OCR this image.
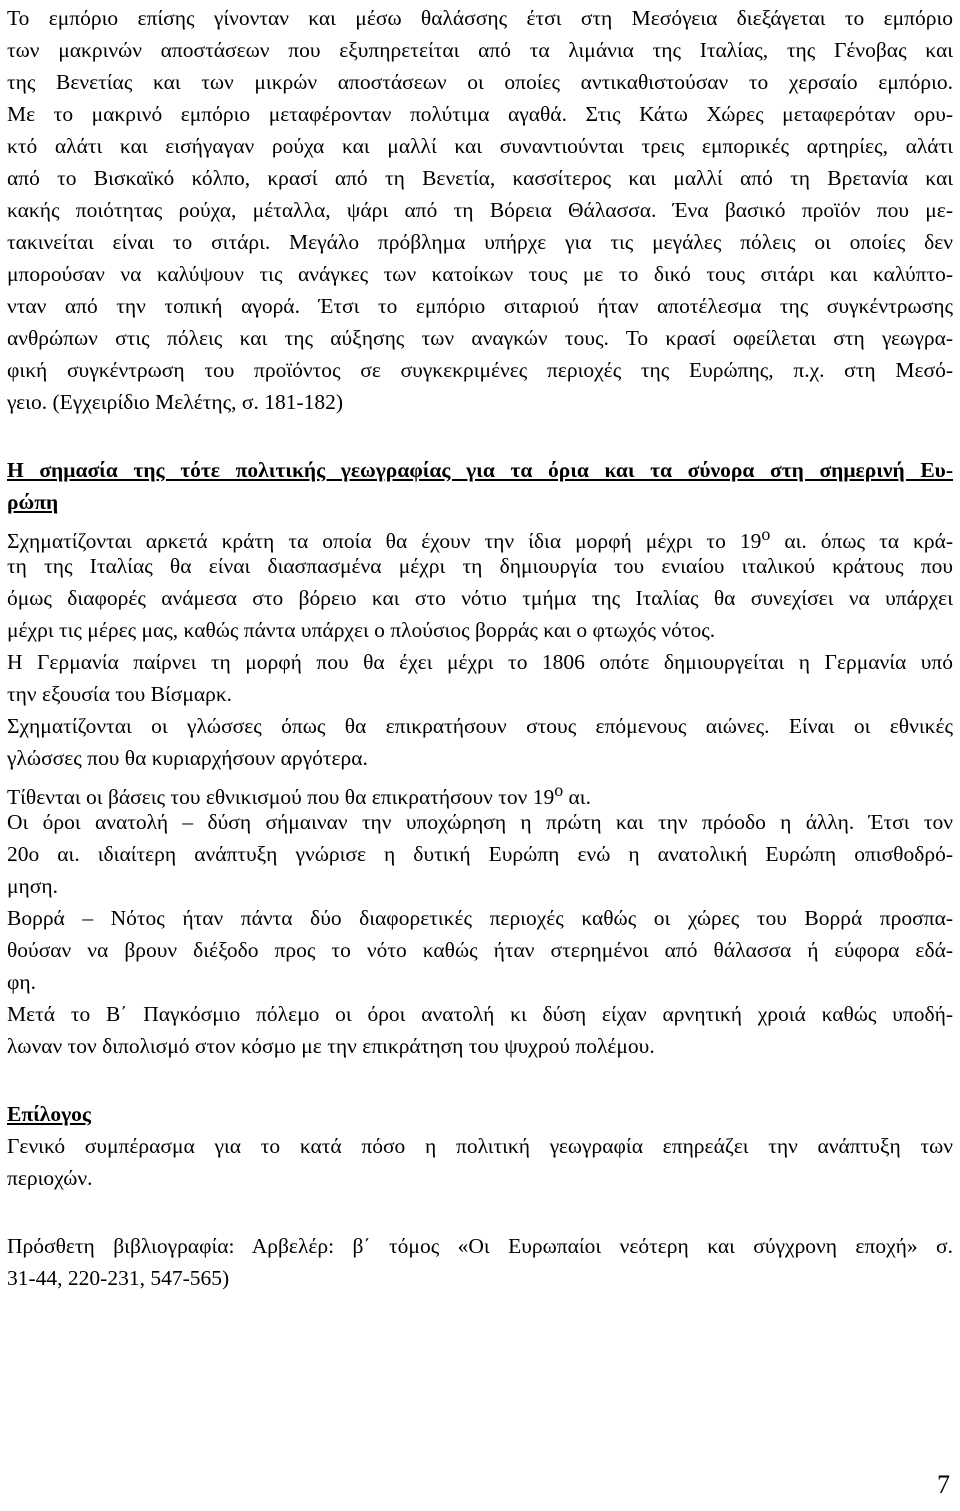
Το εμπόριο επίσης γίνονταν και μέσω θαλάσσης έτσι στη Μεσόγεια διεξάγεται το εμπόριο
των μακρινών αποστάσεων που εξυπηρετείται από τα λιμάνια της Ιταλίας, της Γένοβας και
της Βενετίας και των μικρών αποστάσεων οι οποίες αντικαθιστούσαν το χερσαίο εμπόριο.
Με το μακρινό εμπόριο μεταφέρονταν πολύτιμα αγαθά. Στις Κάτω Χώρες μεταφερόταν ορυ-
κτό αλάτι και εισήγαγαν ρούχα και μαλλί και συναντιούνται τρεις εμπορικές αρτηρίες, αλάτι
από το Βισκαϊκό κόλπο, κρασί από τη Βενετία, κασσίτερος και μαλλί από τη Βρετανία και
κακής ποιότητας ρούχα, μέταλλα, ψάρι από τη Βόρεια Θάλασσα. Ένα βασικό προϊόν που με-
τακινείται είναι το σιτάρι. Μεγάλο πρόβλημα υπήρχε για τις μεγάλες πόλεις οι οποίες δεν
μπορούσαν να καλύψουν τις ανάγκες των κατοίκων τους με το δικό τους σιτάρι και καλύπτο-
νταν από την τοπική αγορά. Έτσι το εμπόριο σιταριού ήταν αποτέλεσμα της συγκέντρωσης
ανθρώπων στις πόλεις και της αύξησης των αναγκών τους. Το κρασί οφείλεται στη γεωγρα-
φική συγκέντρωση του προϊόντος σε συγκεκριμένες περιοχές της Ευρώπης, π.χ. στη Μεσό-
γειο. (Εγχειρίδιο Μελέτης, σ. 181-182)
Η σημασία της τότε πολιτικής γεωγραφίας για τα όρια και τα σύνορα στη σημερινή Ευ-
ρώπη
Σχηματίζονται αρκετά κράτη τα οποία θα έχουν την ίδια μορφή μέχρι το $19^o$ αι. όπως τα κρά-
τη της Ιταλίας θα είναι διασπασμένα μέχρι τη δημιουργία του ενιαίου ιταλικού κράτους που
όμως διαφορές ανάμεσα στο βόρειο και στο νότιο τμήμα της Ιταλίας θα συνεχίσει να υπάρχει
μέχρι τις μέρες μας, καθώς πάντα υπάρχει ο πλούσιος βορράς και ο φτωχός νότος.
Η Γερμανία παίρνει τη μορφή που θα έχει μέχρι το 1806 οπότε δημιουργείται η Γερμανία υπό
την εξουσία του Βίσμαρκ.
Σχηματίζονται οι γλώσσες όπως θα επικρατήσουν στους επόμενους αιώνες. Είναι οι εθνικές
γλώσσες που θα κυριαρχήσουν αργότερα.
Τίθενται οι βάσεις του εθνικισμού που θα επικρατήσουν τον $19^o$ αι.
Οι όροι ανατολή – δύση σήμαιναν την υποχώρηση η πρώτη και την πρόοδο η άλλη. Έτσι τον
20ο αι. ιδιαίτερη ανάπτυξη γνώρισε η δυτική Ευρώπη ενώ η ανατολική Ευρώπη οπισθοδρό-
μηση.
Βορρά – Νότος ήταν πάντα δύο διαφορετικές περιοχές καθώς οι χώρες του Βορρά προσπα-
θούσαν να βρουν διέξοδο προς το νότο καθώς ήταν στερημένοι από θάλασσα ή εύφορα εδά-
φη.
Μετά το Β΄ Παγκόσμιο πόλεμο οι όροι ανατολή κι δύση είχαν αρνητική χροιά καθώς υποδή-
λωναν τον διπολισμό στον κόσμο με την επικράτηση του ψυχρού πολέμου.
Επίλογος
Γενικό συμπέρασμα για το κατά πόσο η πολιτική γεωγραφία επηρεάζει την ανάπτυξη των
περιοχών.
Πρόσθετη βιβλιογραφία: Αρβελέρ: β΄ τόμος «Οι Ευρωπαίοι νεότερη και σύγχρονη εποχή» σ.
31-44, 220-231, 547-565)
7
